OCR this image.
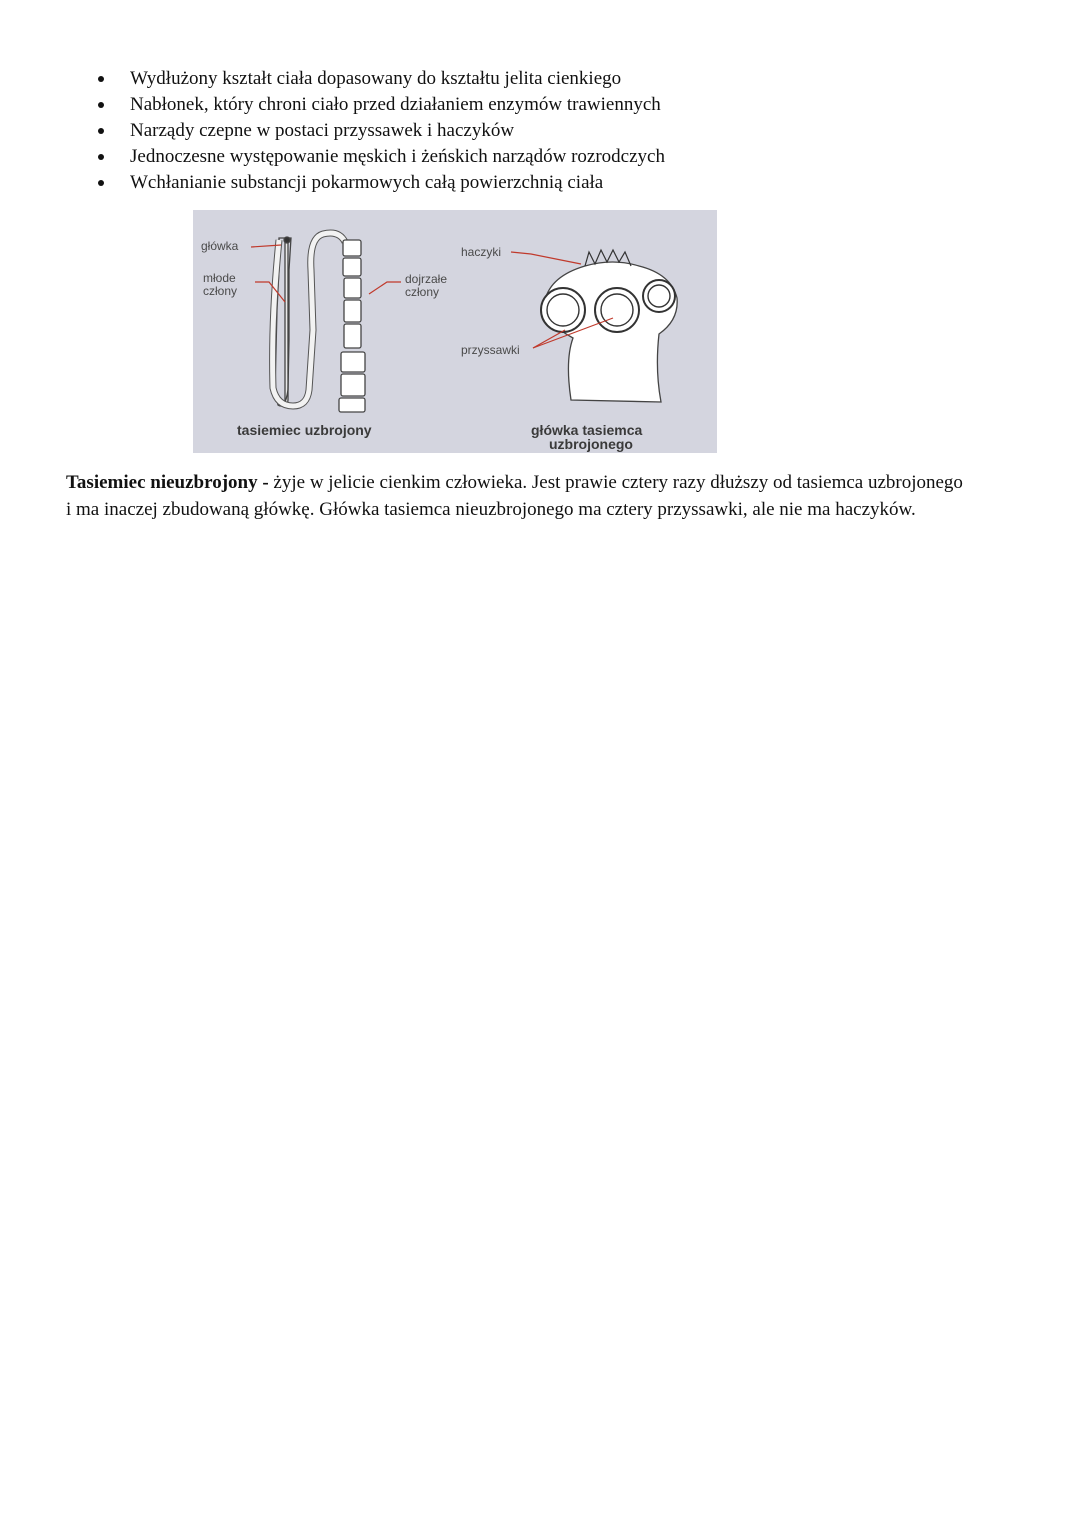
Wydłużony kształt ciała dopasowany do kształtu jelita cienkiego
Nabłonek, który chroni ciało przed działaniem enzymów trawiennych
Narządy czepne w postaci przyssawek i haczyków
Jednoczesne występowanie męskich i żeńskich narządów rozrodczych
Wchłanianie substancji pokarmowych całą powierzchnią ciała
główka
młode
człony
dojrzałe
człony
haczyki
przyssawki
tasiemiec uzbrojony	główka tasiemca
uzbrojonego

Tasiemiec nieuzbrojony - żyje w jelicie cienkim człowieka. Jest prawie cztery razy dłuższy od tasiemca uzbrojonego
i ma inaczej zbudowaną główkę. Główka tasiemca nieuzbrojonego ma cztery przyssawki, ale nie ma haczyków.
